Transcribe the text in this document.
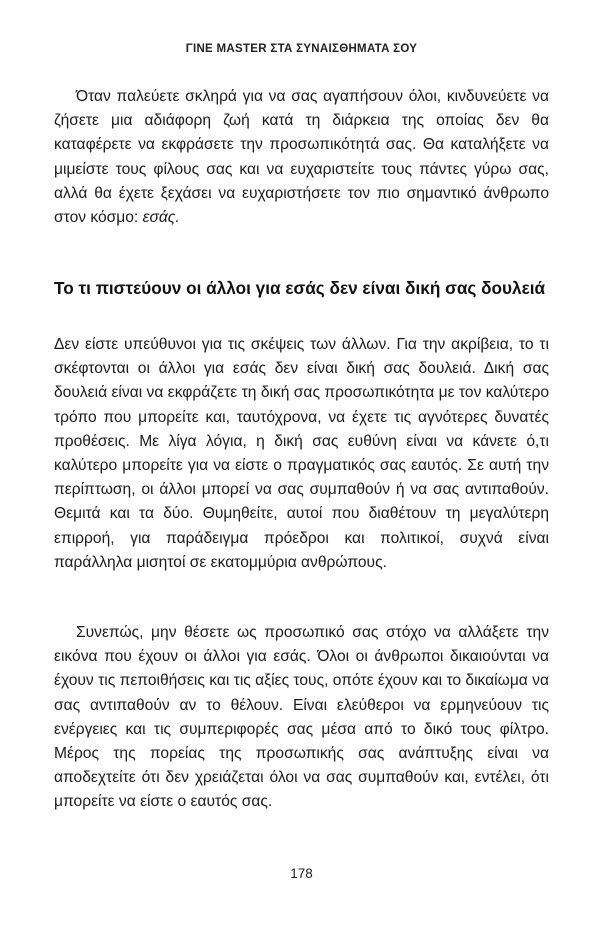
ΓΙΝΕ MASTER ΣΤΑ ΣΥΝΑΙΣΘΗΜΑΤΑ ΣΟΥ

Όταν παλεύετε σκληρά για να σας αγαπήσουν όλοι, κινδυνεύετε να ζήσετε μια αδιάφορη ζωή κατά τη διάρκεια της οποίας δεν θα καταφέρετε να εκφράσετε την προσωπικότητά σας. Θα καταλήξετε να μιμείστε τους φίλους σας και να ευχαριστείτε τους πάντες γύρω σας, αλλά θα έχετε ξεχάσει να ευχαριστήσετε τον πιο σημαντικό άνθρωπο στον κόσμο: εσάς.

Το τι πιστεύουν οι άλλοι για εσάς δεν είναι δική σας δουλειά

Δεν είστε υπεύθυνοι για τις σκέψεις των άλλων. Για την ακρίβεια, το τι σκέφτονται οι άλλοι για εσάς δεν είναι δική σας δουλειά. Δική σας δουλειά είναι να εκφράζετε τη δική σας προσωπικότητα με τον καλύτερο τρόπο που μπορείτε και, ταυτόχρονα, να έχετε τις αγνότερες δυνατές προθέσεις. Με λίγα λόγια, η δική σας ευθύνη είναι να κάνετε ό,τι καλύτερο μπορείτε για να είστε ο πραγματικός σας εαυτός. Σε αυτή την περίπτωση, οι άλλοι μπορεί να σας συμπαθούν ή να σας αντιπαθούν. Θεμιτά και τα δύο. Θυμηθείτε, αυτοί που διαθέτουν τη μεγαλύτερη επιρροή, για παράδειγμα πρόεδροι και πολιτικοί, συχνά είναι παράλληλα μισητοί σε εκατομμύρια ανθρώπους.

Συνεπώς, μην θέσετε ως προσωπικό σας στόχο να αλλάξετε την εικόνα που έχουν οι άλλοι για εσάς. Όλοι οι άνθρωποι δικαιούνται να έχουν τις πεποιθήσεις και τις αξίες τους, οπότε έχουν και το δικαίωμα να σας αντιπαθούν αν το θέλουν. Είναι ελεύθεροι να ερμηνεύουν τις ενέργειες και τις συμπεριφορές σας μέσα από το δικό τους φίλτρο. Μέρος της πορείας της προσωπικής σας ανάπτυξης είναι να αποδεχτείτε ότι δεν χρειάζεται όλοι να σας συμπαθούν και, εντέλει, ότι μπορείτε να είστε ο εαυτός σας.

178
